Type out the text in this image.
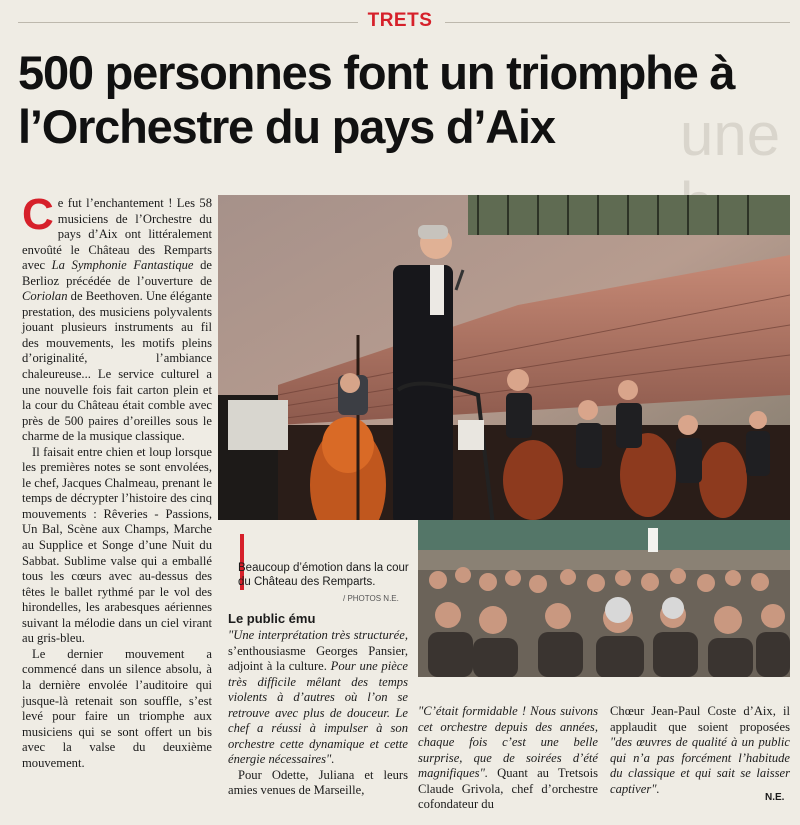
TRETS
une
500 personnes font un triomphe à l’Orchestre du pays d’Aix

Ce fut l’enchantement ! Les 58 musiciens de l’Orchestre du pays d’Aix ont littéralement envoûté le Château des Remparts avec La Symphonie Fantastique de Berlioz précédée de l’ouverture de Coriolan de Beethoven. Une élégante prestation, des musiciens polyvalents jouant plusieurs instruments au fil des mouvements, les motifs pleins d’originalité, l’ambiance chaleureuse... Le service culturel a une nouvelle fois fait carton plein et la cour du Château était comble avec près de 500 paires d’oreilles sous le charme de la musique classique.

Il faisait entre chien et loup lorsque les premières notes se sont envolées, le chef, Jacques Chalmeau, prenant le temps de décrypter l’histoire des cinq mouvements : Rêveries - Passions, Un Bal, Scène aux Champs, Marche au Supplice et Songe d’une Nuit du Sabbat. Sublime valse qui a emballé tous les cœurs avec au-dessus des têtes le ballet rythmé par le vol des hirondelles, les arabesques aériennes suivant la mélodie dans un ciel virant au gris-bleu.

Le dernier mouvement a commencé dans un silence absolu, à la dernière envolée l’auditoire qui jusque-là retenait son souffle, s’est levé pour faire un triomphe aux musiciens qui se sont offert un bis avec la valse du deuxième mouvement.

Beaucoup d’émotion dans la cour du Château des Remparts.
/ PHOTOS N.E.
Le public ému

"Une interprétation très structurée, s’enthousiasme Georges Pansier, adjoint à la culture. Pour une pièce très difficile mêlant des temps violents à d’autres où l’on se retrouve avec plus de douceur. Le chef a réussi à impulser à son orchestre cette dynamique et cette énergie nécessaires".

Pour Odette, Juliana et leurs amies venues de Marseille,

"C’était formidable ! Nous suivons cet orchestre depuis des années, chaque fois c’est une belle surprise, que de soirées d’été magnifiques". Quant au Tretsois Claude Grivola, chef d’orchestre cofondateur du

Chœur Jean-Paul Coste d’Aix, il applaudit que soient proposées "des œuvres de qualité à un public qui n’a pas forcément l’habitude du classique et qui sait se laisser captiver".

N.E.
